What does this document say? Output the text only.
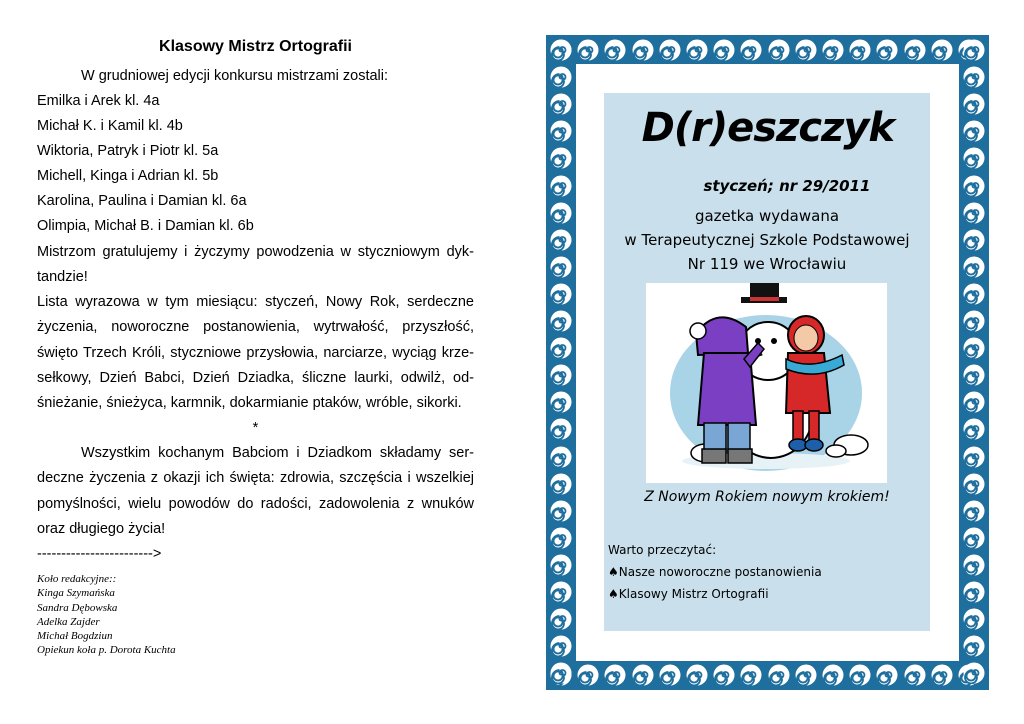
Klasowy Mistrz Ortografii
W grudniowej edycji konkursu mistrzami zostali:
Emilka i Arek kl. 4a
Michał K. i Kamil kl. 4b
Wiktoria, Patryk i Piotr kl. 5a
Michell, Kinga i Adrian kl. 5b
Karolina, Paulina i Damian kl. 6a
Olimpia, Michał B. i Damian kl. 6b
Mistrzom gratulujemy i życzymy powodzenia w styczniowym dyk-
tandzie!
Lista wyrazowa w tym miesiącu: styczeń, Nowy Rok, serdeczne
życzenia, noworoczne postanowienia, wytrwałość, przyszłość,
święto Trzech Króli, styczniowe przysłowia, narciarze, wyciąg krze-
sełkowy, Dzień Babci, Dzień Dziadka, śliczne laurki, odwilż, od-
śnieżanie, śnieżyca, karmnik, dokarmianie ptaków, wróble, sikorki.
*
Wszystkim kochanym Babciom i Dziadkom składamy ser-
deczne życzenia z okazji ich święta: zdrowia, szczęścia i wszelkiej
pomyślności, wielu powodów do radości, zadowolenia z wnuków
oraz długiego życia!
------------------------>
Koło redakcyjne::
Kinga Szymańska
Sandra Dębowska
Adelka Zajder
Michał Bogdziun
Opiekun koła p. Dorota Kuchta
D(r)eszczyk
styczeń; nr 29/2011
gazetka wydawana
w Terapeutycznej Szkole Podstawowej
Nr 119 we Wrocławiu
Z Nowym Rokiem nowym krokiem!
Warto przeczytać:
♠Nasze noworoczne postanowienia
♠Klasowy Mistrz Ortografii
